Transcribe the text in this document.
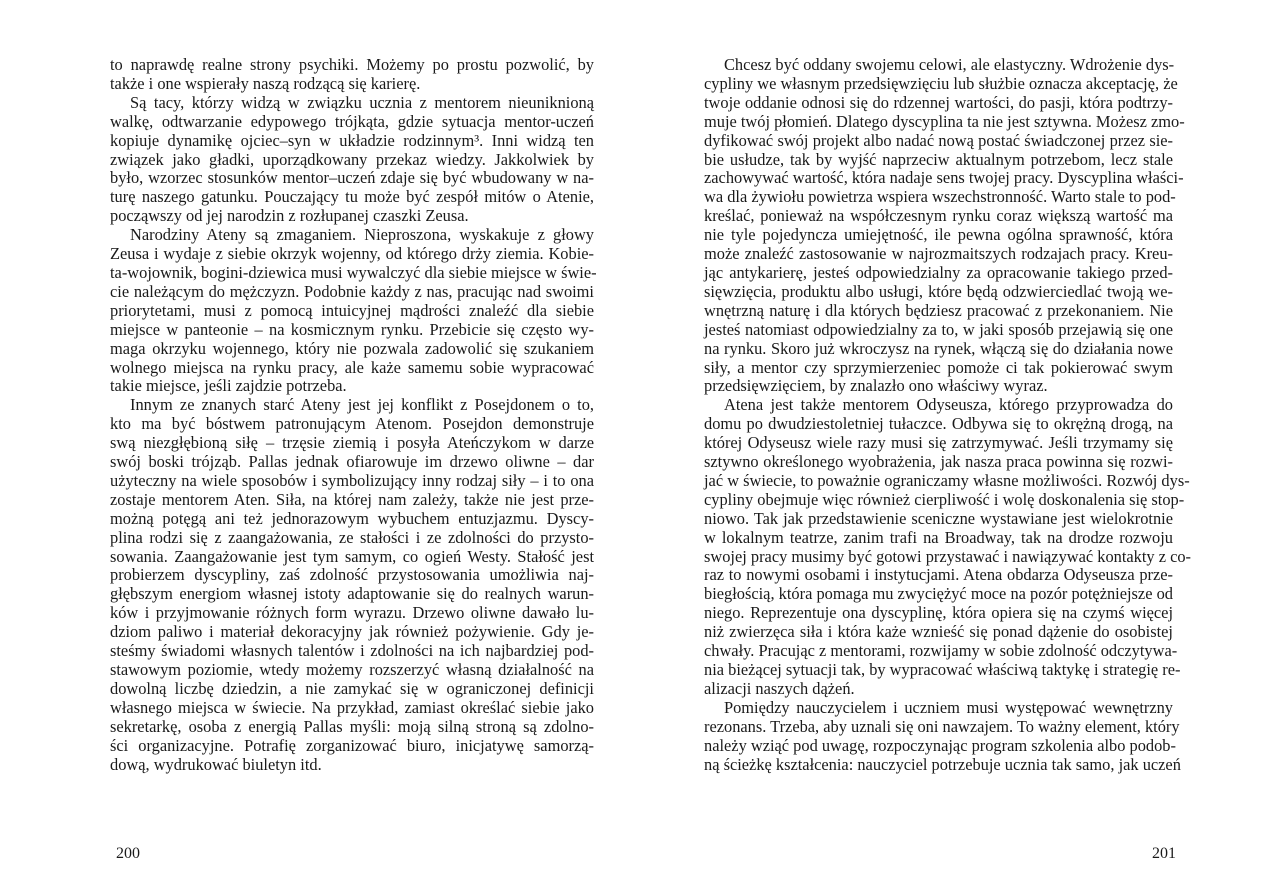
to naprawdę realne strony psychiki. Możemy po prostu pozwolić, by
także i one wspierały naszą rodzącą się karierę.
Są tacy, którzy widzą w związku ucznia z mentorem nieuniknioną
walkę, odtwarzanie edypowego trójkąta, gdzie sytuacja mentor-uczeń
kopiuje dynamikę ojciec–syn w układzie rodzinnym³. Inni widzą ten
związek jako gładki, uporządkowany przekaz wiedzy. Jakkolwiek by
było, wzorzec stosunków mentor–uczeń zdaje się być wbudowany w na-
turę naszego gatunku. Pouczający tu może być zespół mitów o Atenie,
począwszy od jej narodzin z rozłupanej czaszki Zeusa.
Narodziny Ateny są zmaganiem. Nieproszona, wyskakuje z głowy
Zeusa i wydaje z siebie okrzyk wojenny, od którego drży ziemia. Kobie-
ta-wojownik, bogini-dziewica musi wywalczyć dla siebie miejsce w świe-
cie należącym do mężczyzn. Podobnie każdy z nas, pracując nad swoimi
priorytetami, musi z pomocą intuicyjnej mądrości znaleźć dla siebie
miejsce w panteonie – na kosmicznym rynku. Przebicie się często wy-
maga okrzyku wojennego, który nie pozwala zadowolić się szukaniem
wolnego miejsca na rynku pracy, ale każe samemu sobie wypracować
takie miejsce, jeśli zajdzie potrzeba.
Innym ze znanych starć Ateny jest jej konflikt z Posejdonem o to,
kto ma być bóstwem patronującym Atenom. Posejdon demonstruje
swą niezgłębioną siłę – trzęsie ziemią i posyła Ateńczykom w darze
swój boski trójząb. Pallas jednak ofiarowuje im drzewo oliwne – dar
użyteczny na wiele sposobów i symbolizujący inny rodzaj siły – i to ona
zostaje mentorem Aten. Siła, na której nam zależy, także nie jest prze-
możną potęgą ani też jednorazowym wybuchem entuzjazmu. Dyscy-
plina rodzi się z zaangażowania, ze stałości i ze zdolności do przysto-
sowania. Zaangażowanie jest tym samym, co ogień Westy. Stałość jest
probierzem dyscypliny, zaś zdolność przystosowania umożliwia naj-
głębszym energiom własnej istoty adaptowanie się do realnych warun-
ków i przyjmowanie różnych form wyrazu. Drzewo oliwne dawało lu-
dziom paliwo i materiał dekoracyjny jak również pożywienie. Gdy je-
steśmy świadomi własnych talentów i zdolności na ich najbardziej pod-
stawowym poziomie, wtedy możemy rozszerzyć własną działalność na
dowolną liczbę dziedzin, a nie zamykać się w ograniczonej definicji
własnego miejsca w świecie. Na przykład, zamiast określać siebie jako
sekretarkę, osoba z energią Pallas myśli: moją silną stroną są zdolno-
ści organizacyjne. Potrafię zorganizować biuro, inicjatywę samorzą-
dową, wydrukować biuletyn itd.
200
Chcesz być oddany swojemu celowi, ale elastyczny. Wdrożenie dys-
cypliny we własnym przedsięwzięciu lub służbie oznacza akceptację, że
twoje oddanie odnosi się do rdzennej wartości, do pasji, która podtrzy-
muje twój płomień. Dlatego dyscyplina ta nie jest sztywna. Możesz zmo-
dyfikować swój projekt albo nadać nową postać świadczonej przez sie-
bie usłudze, tak by wyjść naprzeciw aktualnym potrzebom, lecz stale
zachowywać wartość, która nadaje sens twojej pracy. Dyscyplina właści-
wa dla żywiołu powietrza wspiera wszechstronność. Warto stale to pod-
kreślać, ponieważ na współczesnym rynku coraz większą wartość ma
nie tyle pojedyncza umiejętność, ile pewna ogólna sprawność, która
może znaleźć zastosowanie w najrozmaitszych rodzajach pracy. Kreu-
jąc antykarierę, jesteś odpowiedzialny za opracowanie takiego przed-
sięwzięcia, produktu albo usługi, które będą odzwierciedlać twoją we-
wnętrzną naturę i dla których będziesz pracować z przekonaniem. Nie
jesteś natomiast odpowiedzialny za to, w jaki sposób przejawią się one
na rynku. Skoro już wkroczysz na rynek, włączą się do działania nowe
siły, a mentor czy sprzymierzeniec pomoże ci tak pokierować swym
przedsięwzięciem, by znalazło ono właściwy wyraz.
Atena jest także mentorem Odyseusza, którego przyprowadza do
domu po dwudziestoletniej tułaczce. Odbywa się to okrężną drogą, na
której Odyseusz wiele razy musi się zatrzymywać. Jeśli trzymamy się
sztywno określonego wyobrażenia, jak nasza praca powinna się rozwi-
jać w świecie, to poważnie ograniczamy własne możliwości. Rozwój dys-
cypliny obejmuje więc również cierpliwość i wolę doskonalenia się stop-
niowo. Tak jak przedstawienie sceniczne wystawiane jest wielokrotnie
w lokalnym teatrze, zanim trafi na Broadway, tak na drodze rozwoju
swojej pracy musimy być gotowi przystawać i nawiązywać kontakty z co-
raz to nowymi osobami i instytucjami. Atena obdarza Odyseusza prze-
biegłością, która pomaga mu zwyciężyć moce na pozór potężniejsze od
niego. Reprezentuje ona dyscyplinę, która opiera się na czymś więcej
niż zwierzęca siła i która każe wznieść się ponad dążenie do osobistej
chwały. Pracując z mentorami, rozwijamy w sobie zdolność odczytywa-
nia bieżącej sytuacji tak, by wypracować właściwą taktykę i strategię re-
alizacji naszych dążeń.
Pomiędzy nauczycielem i uczniem musi występować wewnętrzny
rezonans. Trzeba, aby uznali się oni nawzajem. To ważny element, który
należy wziąć pod uwagę, rozpoczynając program szkolenia albo podob-
ną ścieżkę kształcenia: nauczyciel potrzebuje ucznia tak samo, jak uczeń
201
